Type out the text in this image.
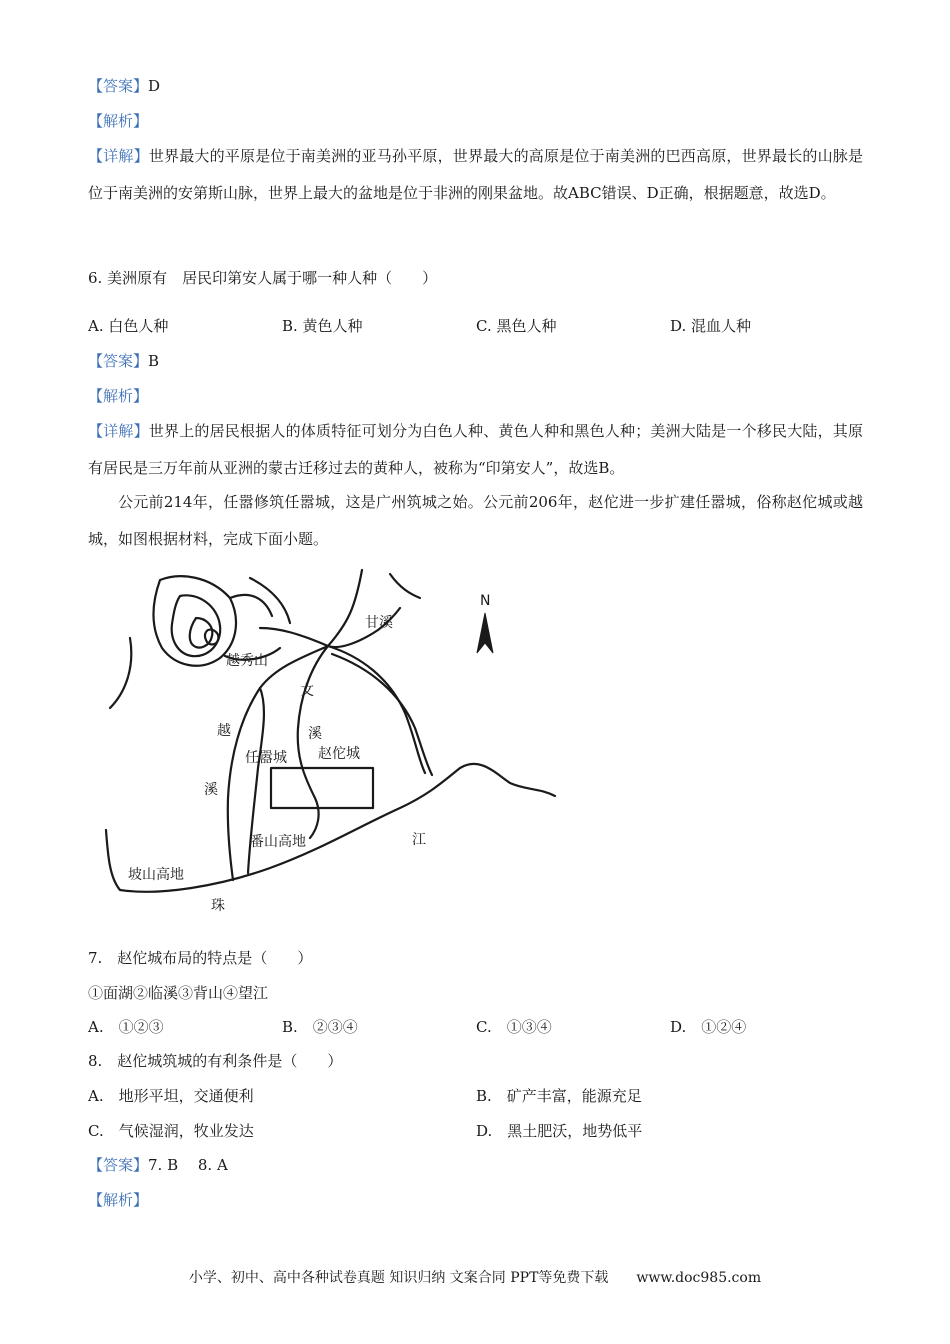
【答案】D
【解析】
【详解】世界最大的平原是位于南美洲的亚马孙平原，世界最大的高原是位于南美洲的巴西高原，世界最长的山脉是位于南美洲的安第斯山脉，世界上最大的盆地是位于非洲的刚果盆地。故ABC错误、D正确，根据题意，故选D。
6. 美洲原有　居民印第安人属于哪一种人种（　　）
A. 白色人种	B. 黄色人种	C. 黑色人种	D. 混血人种
【答案】B
【解析】
【详解】世界上的居民根据人的体质特征可划分为白色人种、黄色人种和黑色人种；美洲大陆是一个移民大陆，其原有居民是三万年前从亚洲的蒙古迁移过去的黄种人，被称为“印第安人”，故选B。
公元前214年，任嚣修筑任嚣城，这是广州筑城之始。公元前206年，赵佗进一步扩建任嚣城，俗称赵佗城或越城，如图根据材料，完成下面小题。
N
甘溪
越秀山
文
溪
越
溪
任嚣城 赵佗城
番山高地
坡山高地
江
珠
7.　赵佗城布局的特点是（　　）
①面湖②临溪③背山④望江
A.　①②③	B.　②③④	C.　①③④	D.　①②④
8.　赵佗城筑城的有利条件是（　　）
A.　地形平坦，交通便利	B.　矿产丰富，能源充足
C.　气候湿润，牧业发达	D.　黑土肥沃，地势低平
【答案】7. B　 8. A
【解析】
小学、初中、高中各种试卷真题 知识归纳 文案合同 PPT等免费下载　　www.doc985.com
